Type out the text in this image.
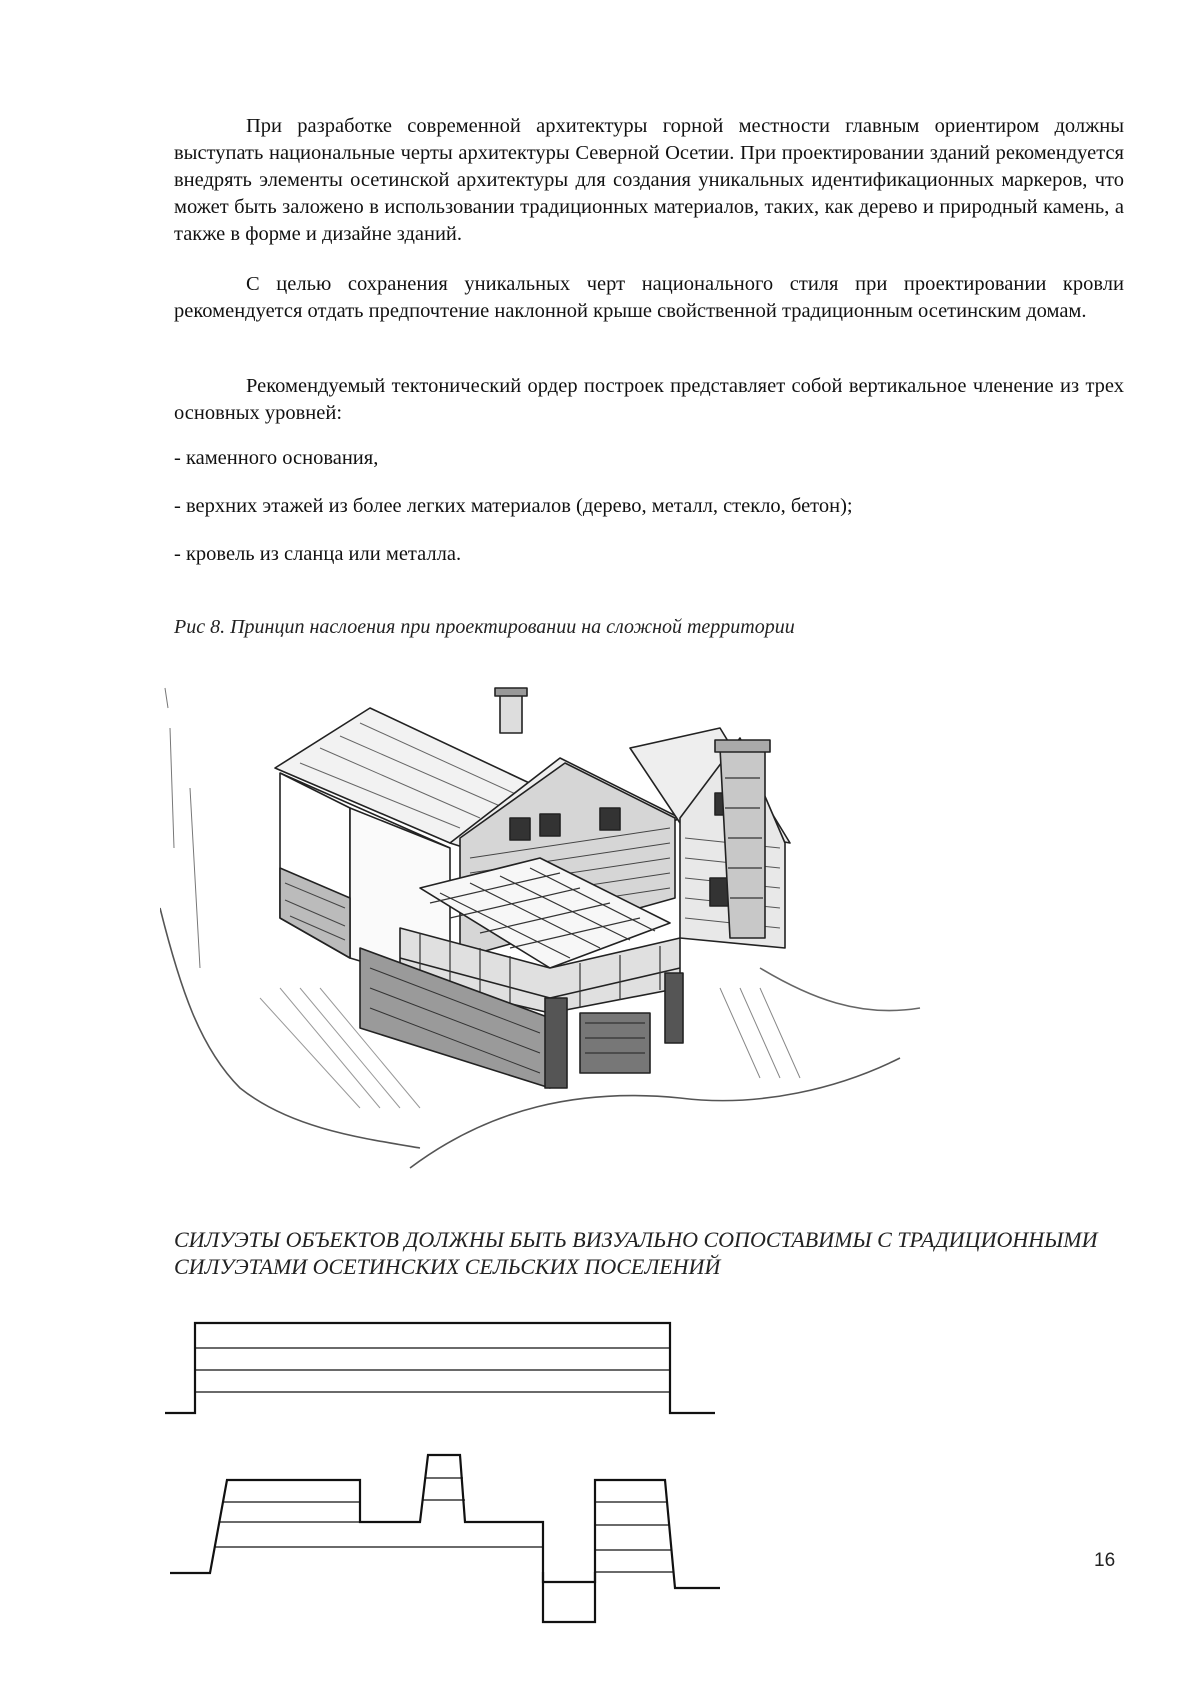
При разработке современной архитектуры горной местности главным ориентиром должны выступать национальные черты архитектуры Северной Осетии. При проектировании зданий рекомендуется внедрять элементы осетинской архитектуры для создания уникальных идентификационных маркеров, что может быть заложено в использовании традиционных материалов, таких, как дерево и природный камень, а также в форме и дизайне зданий.

С целью сохранения уникальных черт национального стиля при проектировании кровли рекомендуется отдать предпочтение наклонной крыше свойственной традиционным осетинским домам.

Рекомендуемый тектонический ордер построек представляет собой вертикальное членение из трех основных уровней:

- каменного основания,

- верхних этажей из более легких материалов (дерево, металл, стекло, бетон);

- кровель из сланца или металла.

Рис 8. Принцип наслоения при проектировании на сложной территории

СИЛУЭТЫ ОБЪЕКТОВ ДОЛЖНЫ БЫТЬ ВИЗУАЛЬНО СОПОСТАВИМЫ С ТРАДИЦИОННЫМИ СИЛУЭТАМИ ОСЕТИНСКИХ СЕЛЬСКИХ ПОСЕЛЕНИЙ

16
